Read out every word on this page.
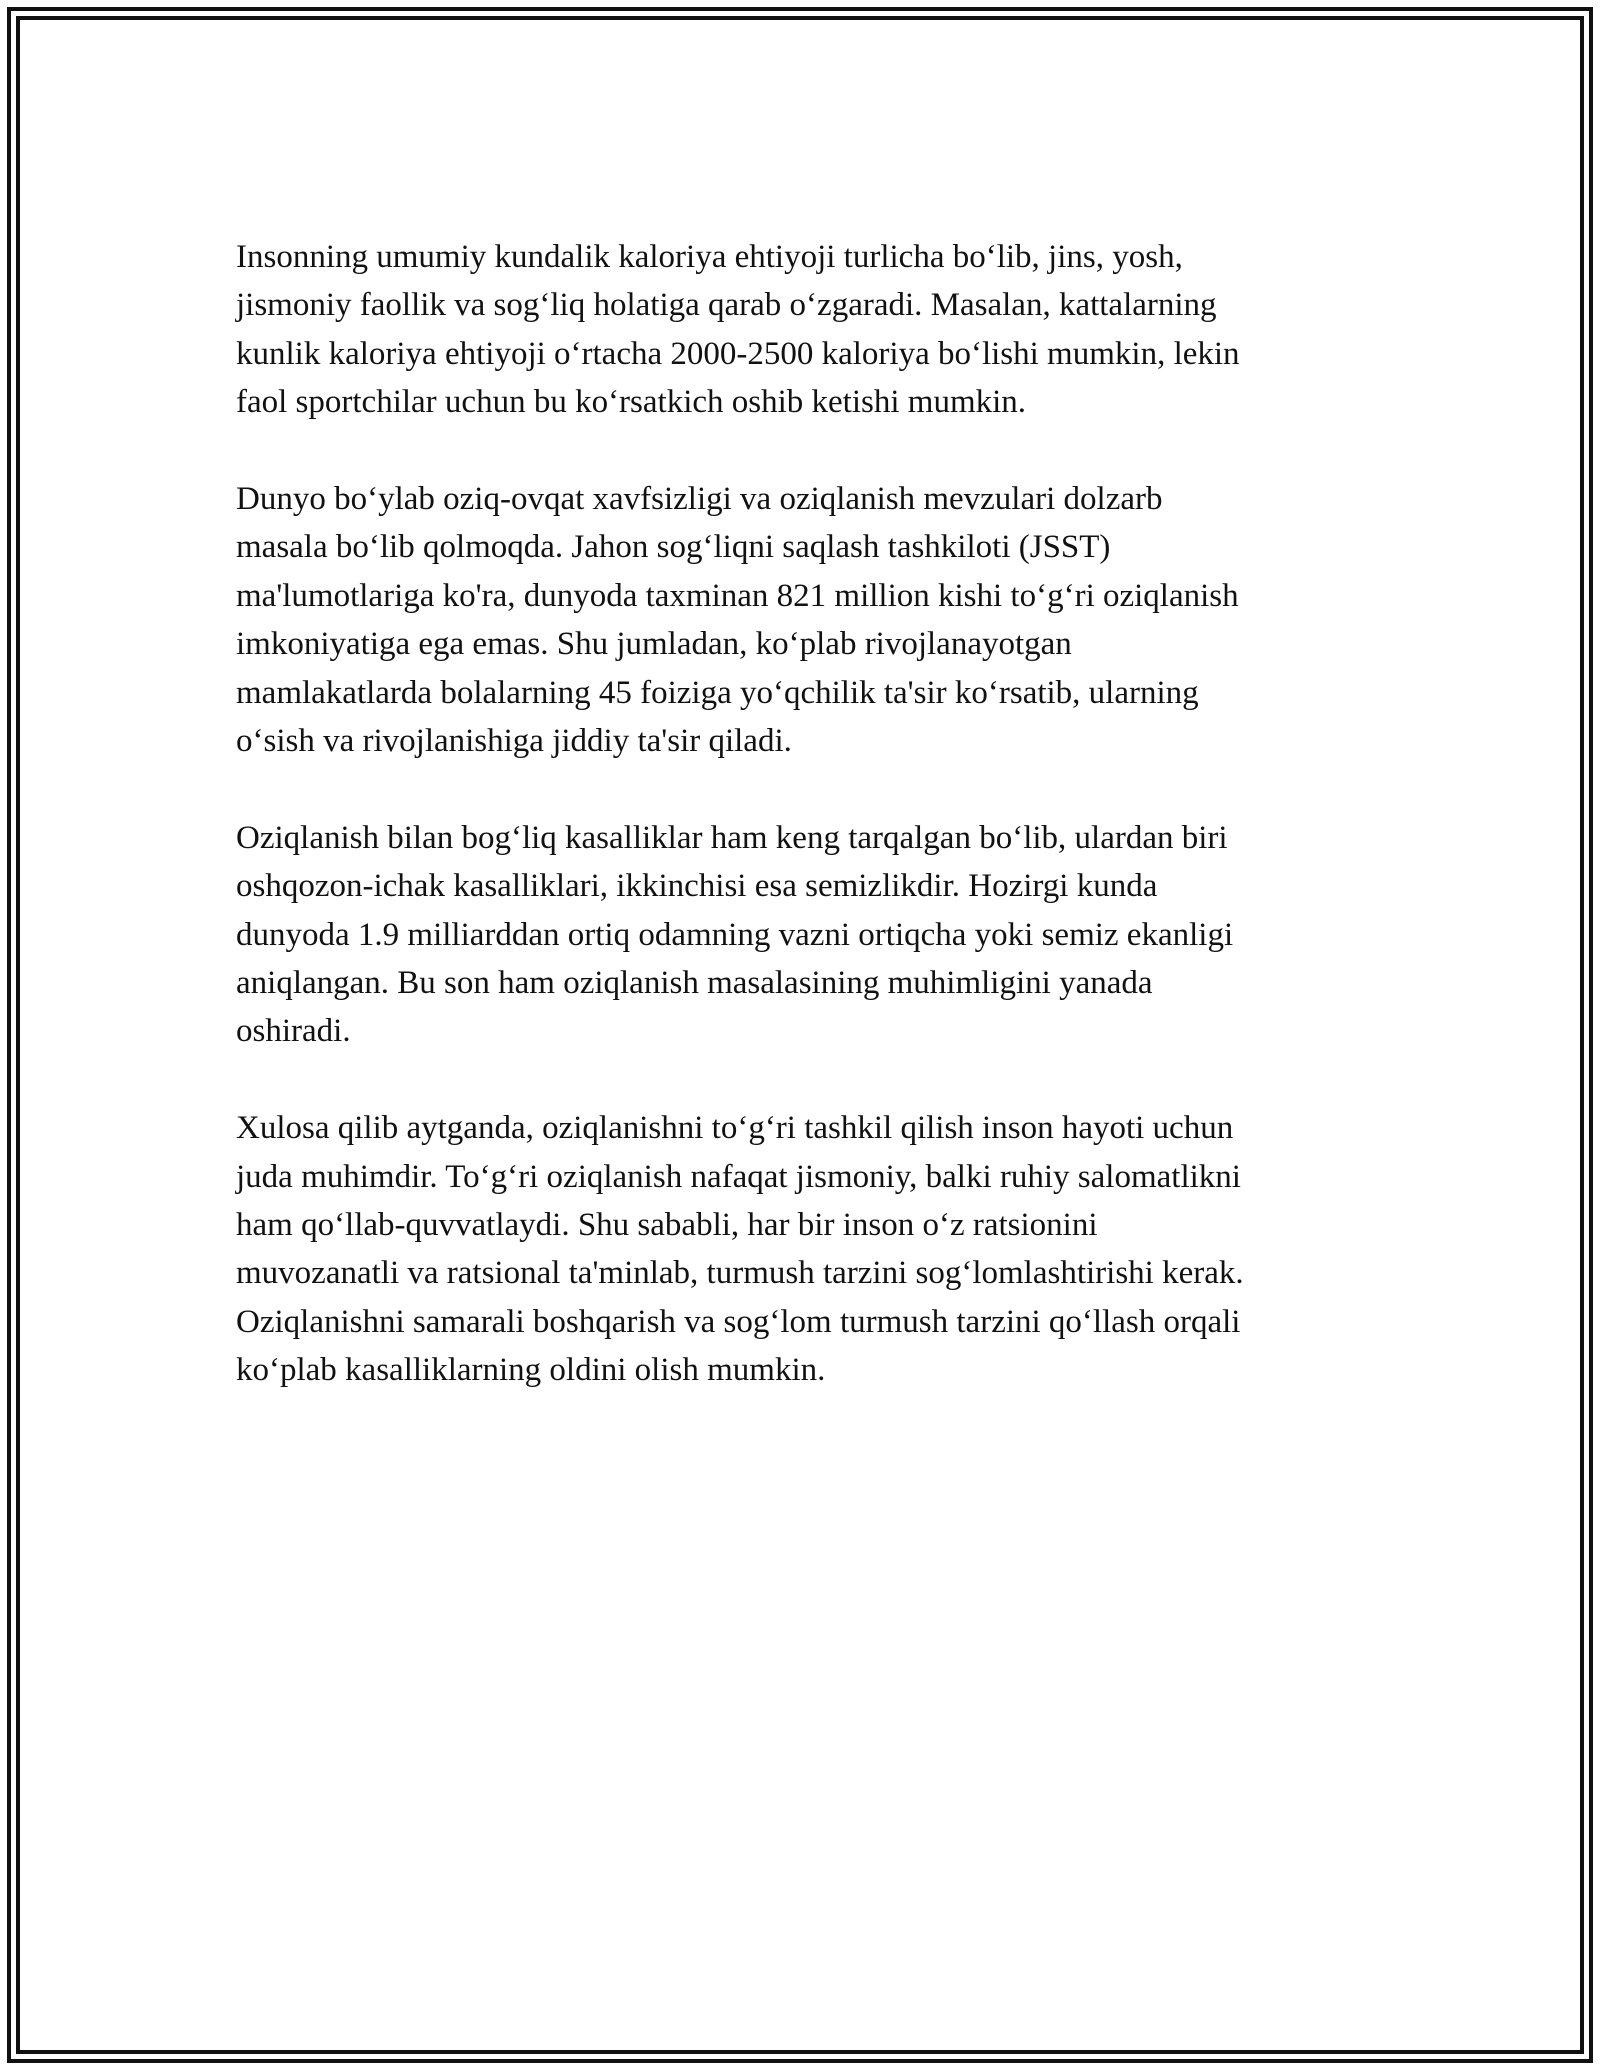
Insonning umumiy kundalik kaloriya ehtiyoji turlicha bo‘lib, jins, yosh,
jismoniy faollik va sog‘liq holatiga qarab o‘zgaradi. Masalan, kattalarning
kunlik kaloriya ehtiyoji o‘rtacha 2000-2500 kaloriya bo‘lishi mumkin, lekin
faol sportchilar uchun bu ko‘rsatkich oshib ketishi mumkin.

Dunyo bo‘ylab oziq-ovqat xavfsizligi va oziqlanish mevzulari dolzarb
masala bo‘lib qolmoqda. Jahon sog‘liqni saqlash tashkiloti (JSST)
ma'lumotlariga ko'ra, dunyoda taxminan 821 million kishi to‘g‘ri oziqlanish
imkoniyatiga ega emas. Shu jumladan, ko‘plab rivojlanayotgan
mamlakatlarda bolalarning 45 foiziga yo‘qchilik ta'sir ko‘rsatib, ularning
o‘sish va rivojlanishiga jiddiy ta'sir qiladi.

Oziqlanish bilan bog‘liq kasalliklar ham keng tarqalgan bo‘lib, ulardan biri
oshqozon-ichak kasalliklari, ikkinchisi esa semizlikdir. Hozirgi kunda
dunyoda 1.9 milliarddan ortiq odamning vazni ortiqcha yoki semiz ekanligi
aniqlangan. Bu son ham oziqlanish masalasining muhimligini yanada
oshiradi.

Xulosa qilib aytganda, oziqlanishni to‘g‘ri tashkil qilish inson hayoti uchun
juda muhimdir. To‘g‘ri oziqlanish nafaqat jismoniy, balki ruhiy salomatlikni
ham qo‘llab-quvvatlaydi. Shu sababli, har bir inson o‘z ratsionini
muvozanatli va ratsional ta'minlab, turmush tarzini sog‘lomlashtirishi kerak.
Oziqlanishni samarali boshqarish va sog‘lom turmush tarzini qo‘llash orqali
ko‘plab kasalliklarning oldini olish mumkin.
